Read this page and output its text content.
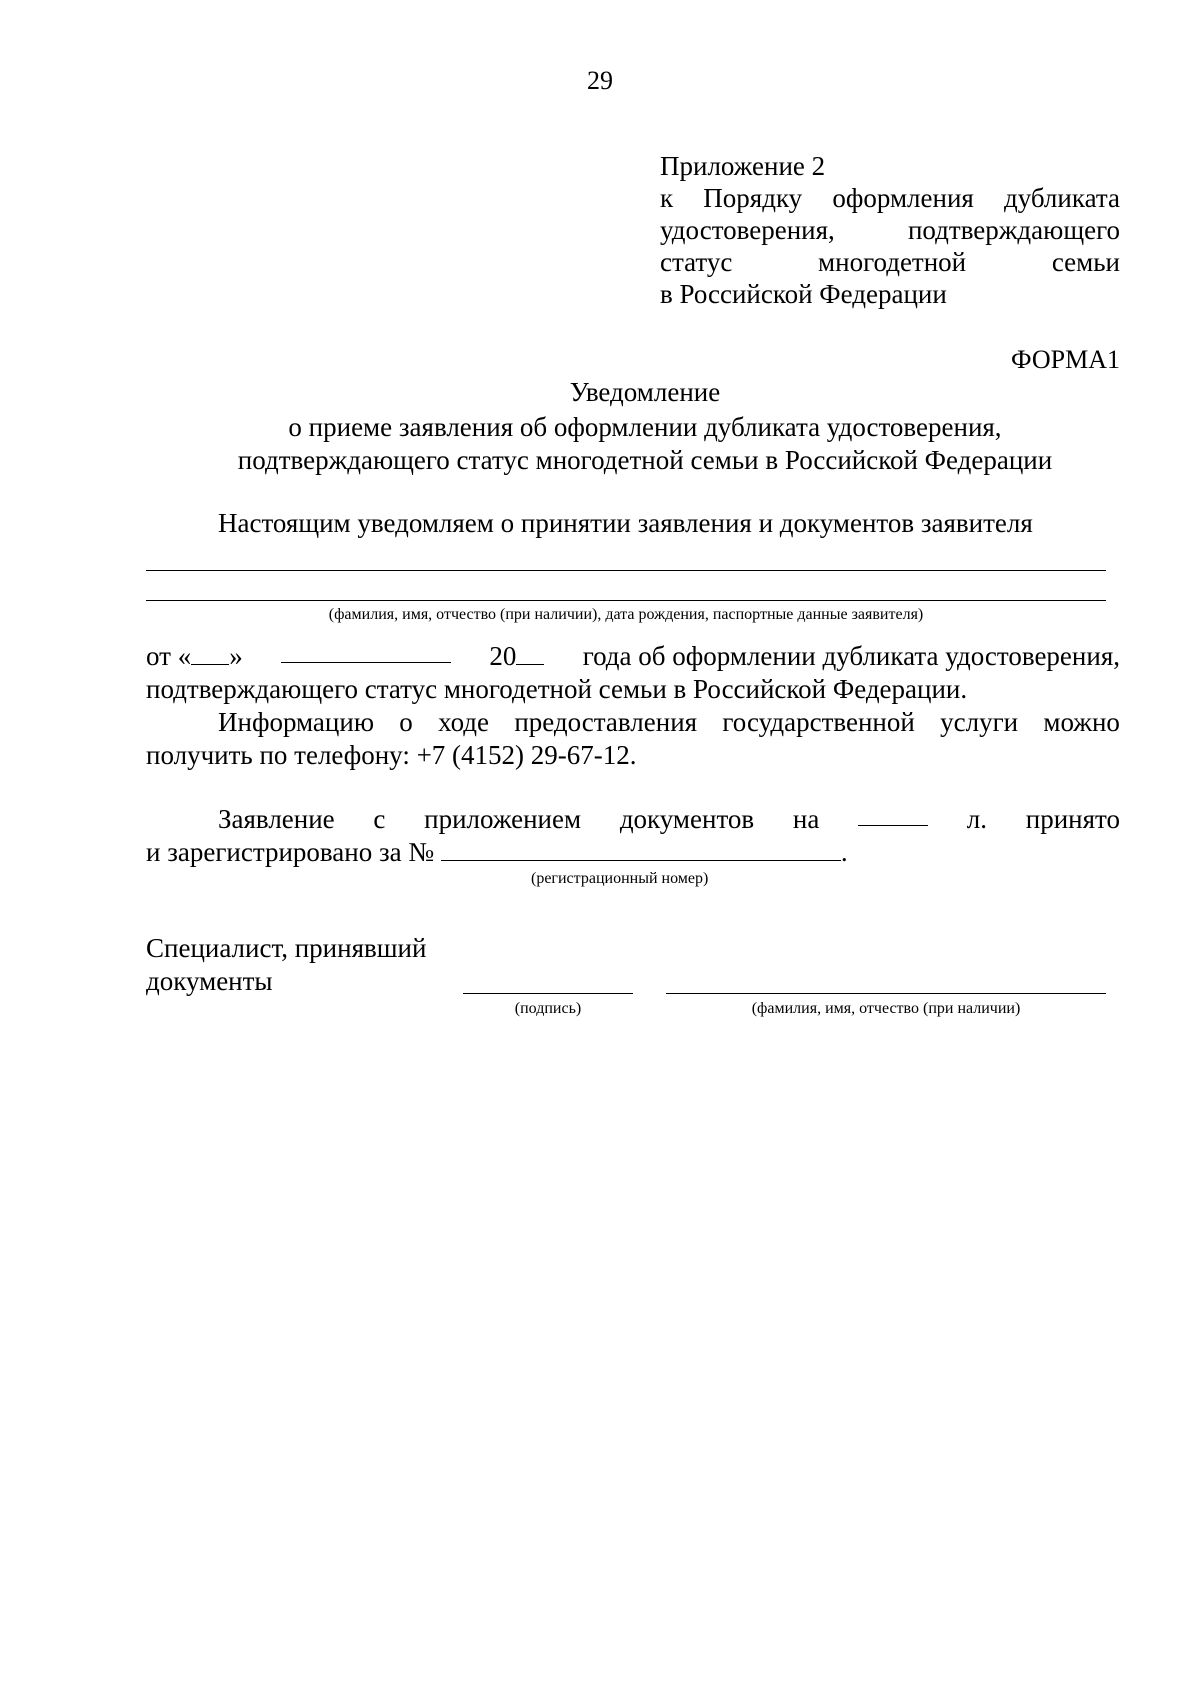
29
Приложение 2
к Порядку оформления дубликата
удостоверения,	подтверждающего
статус	многодетной	семьи
в Российской Федерации
ФОРМА1
Уведомление
о приеме заявления об оформлении дубликата удостоверения,
подтверждающего статус многодетной семьи в Российской Федерации
Настоящим уведомляем о принятии заявления и документов заявителя
(фамилия, имя, отчество (при наличии), дата рождения, паспортные данные заявителя)
от « »	20	года об оформлении дубликата удостоверения,
подтверждающего статус многодетной семьи в Российской Федерации.
Информацию о ходе предоставления государственной услуги можно
получить по телефону: +7 (4152) 29-67-12.
Заявление с приложением документов на	л. принято
и зарегистрировано за №	.
(регистрационный номер)
Специалист, принявший
документы
(подпись)	(фамилия, имя, отчество (при наличии)
